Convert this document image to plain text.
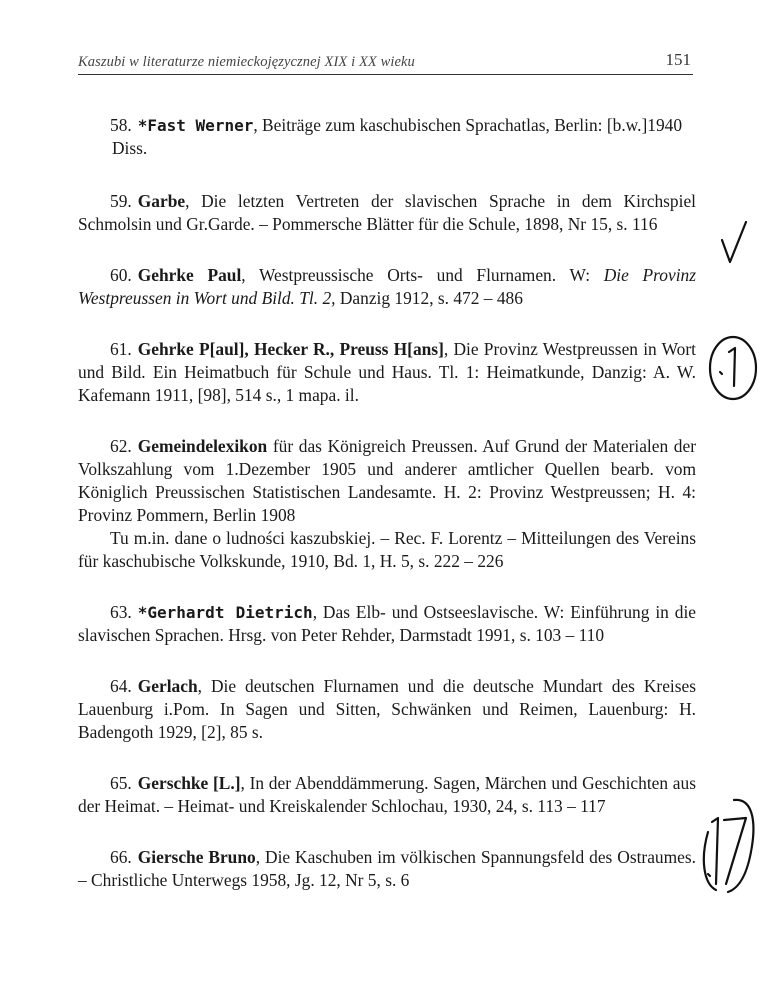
Kaszubi w literaturze niemieckojęzycznej XIX i XX wieku	151

58. *Fast Werner, Beiträge zum kaschubischen Sprachatlas, Berlin: [b.w.]1940
Diss.

59. Garbe, Die letzten Vertreten der slavischen Sprache in dem Kirchspiel Schmolsin und Gr.Garde. – Pommersche Blätter für die Schule, 1898, Nr 15, s. 116

60. Gehrke Paul, Westpreussische Orts- und Flurnamen. W: Die Provinz Westpreussen in Wort und Bild. Tl. 2, Danzig 1912, s. 472 – 486

61. Gehrke P[aul], Hecker R., Preuss H[ans], Die Provinz Westpreussen in Wort und Bild. Ein Heimatbuch für Schule und Haus. Tl. 1: Heimatkunde, Danzig: A. W. Kafemann 1911, [98], 514 s., 1 mapa. il.

62. Gemeindelexikon für das Königreich Preussen. Auf Grund der Materialen der Volkszahlung vom 1.Dezember 1905 und anderer amtlicher Quellen bearb. vom Königlich Preussischen Statistischen Landesamte. H. 2: Provinz Westpreussen; H. 4: Provinz Pommern, Berlin 1908
Tu m.in. dane o ludności kaszubskiej. – Rec. F. Lorentz – Mitteilungen des Vereins für kaschubische Volkskunde, 1910, Bd. 1, H. 5, s. 222 – 226

63. *Gerhardt Dietrich, Das Elb- und Ostseeslavische. W: Einführung in die slavischen Sprachen. Hrsg. von Peter Rehder, Darmstadt 1991, s. 103 – 110

64. Gerlach, Die deutschen Flurnamen und die deutsche Mundart des Kreises Lauenburg i.Pom. In Sagen und Sitten, Schwänken und Reimen, Lauenburg: H. Badengoth 1929, [2], 85 s.

65. Gerschke [L.], In der Abenddämmerung. Sagen, Märchen und Geschichten aus der Heimat. – Heimat- und Kreiskalender Schlochau, 1930, 24, s. 113 – 117

66. Giersche Bruno, Die Kaschuben im völkischen Spannungsfeld des Ostraumes. – Christliche Unterwegs 1958, Jg. 12, Nr 5, s. 6
